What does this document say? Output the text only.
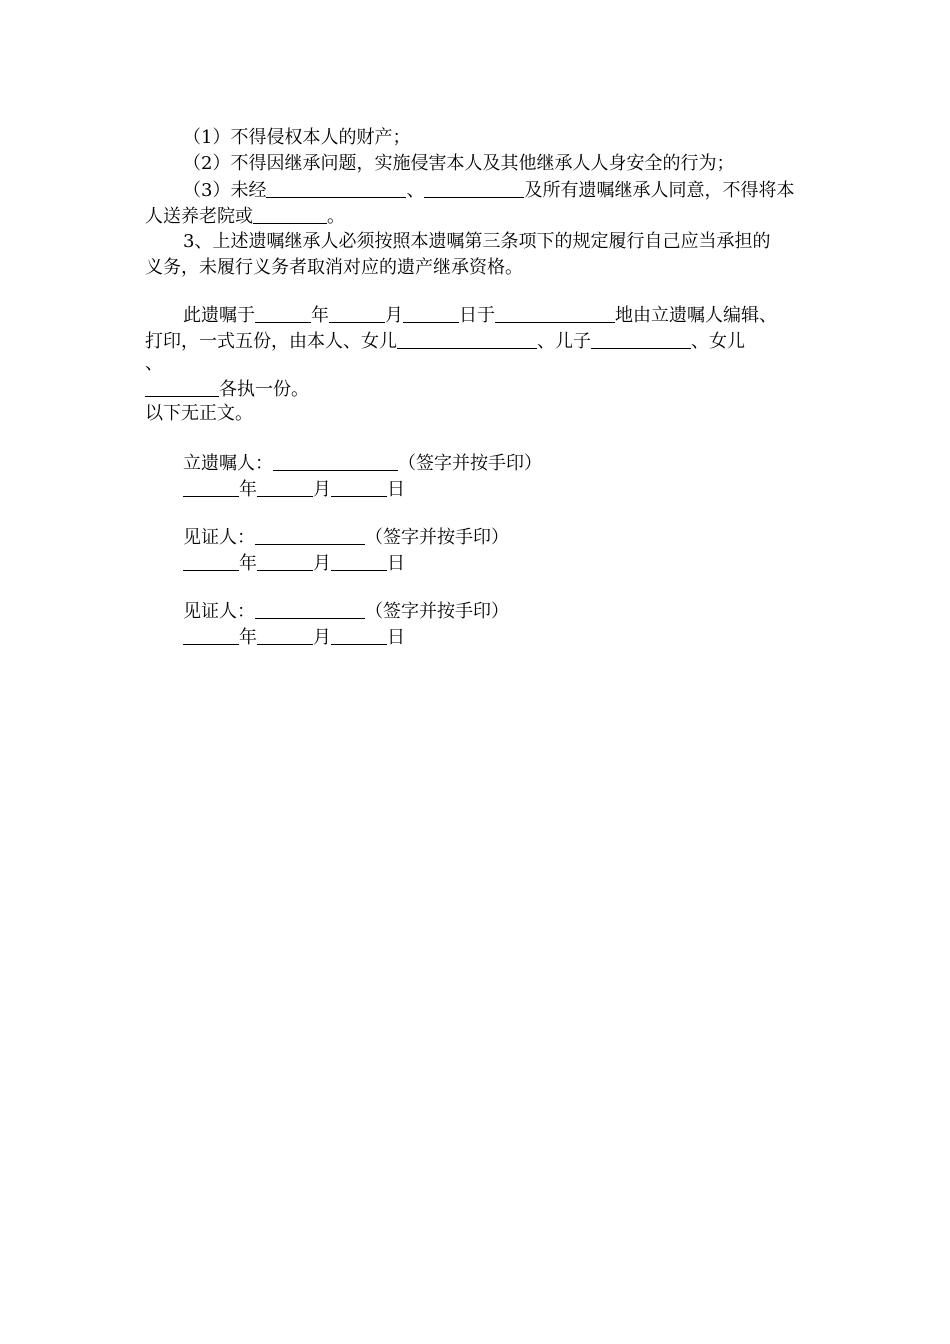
（1）不得侵权本人的财产；
（2）不得因继承问题，实施侵害本人及其他继承人人身安全的行为；
（3）未经	、	及所有遗嘱继承人同意，不得将本
人送养老院或	。
3、上述遗嘱继承人必须按照本遗嘱第三条项下的规定履行自己应当承担的
义务，未履行义务者取消对应的遗产继承资格。
此遗嘱于	年	月	日于	地由立遗嘱人编辑、
打印，一式五份，由本人、女儿	、儿子	、女儿
、
各执一份。
以下无正文。
立遗嘱人：	（签字并按手印）
年	月	日
见证人：	（签字并按手印）
年	月	日
见证人：	（签字并按手印）
年	月	日
